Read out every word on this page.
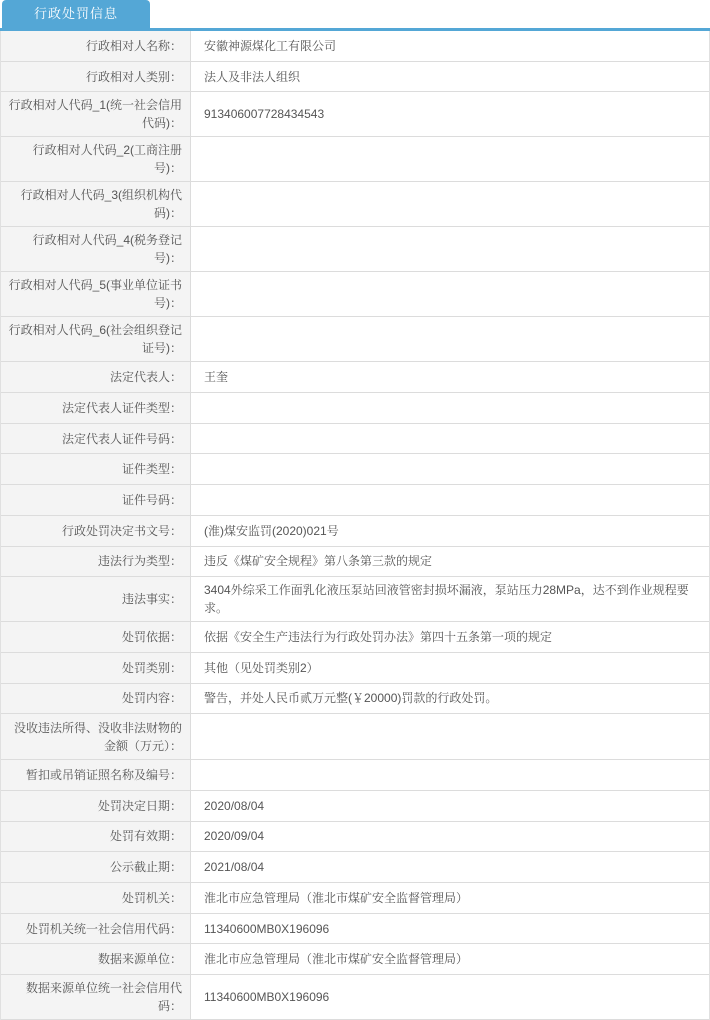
行政处罚信息
行政相对人名称：	安徽神源煤化工有限公司
行政相对人类别：	法人及非法人组织
行政相对人代码_1(统一社会信用代码)：
913406007728434543
行政相对人代码_2(工商注册号)：
行政相对人代码_3(组织机构代码)：
行政相对人代码_4(税务登记号)：
行政相对人代码_5(事业单位证书号)：
行政相对人代码_6(社会组织登记证号)：
法定代表人：	王奎
法定代表人证件类型：
法定代表人证件号码：
证件类型：
证件号码：
行政处罚决定书文号：	(淮)煤安监罚(2020)021号
违法行为类型：	违反《煤矿安全规程》第八条第三款的规定
违法事实：
3404外综采工作面乳化液压泵站回液管密封损坏漏液，泵站压力28MPa，达不到作业规程要求。
处罚依据：	依据《安全生产违法行为行政处罚办法》第四十五条第一项的规定
处罚类别：	其他（见处罚类别2）
处罚内容：	警告，并处人民币贰万元整(￥20000)罚款的行政处罚。
没收违法所得、没收非法财物的金额（万元）：
暂扣或吊销证照名称及编号：
处罚决定日期：	2020/08/04
处罚有效期：	2020/09/04
公示截止期：	2021/08/04
处罚机关：	淮北市应急管理局（淮北市煤矿安全监督管理局）
处罚机关统一社会信用代码：	11340600MB0X196096
数据来源单位：	淮北市应急管理局（淮北市煤矿安全监督管理局）
数据来源单位统一社会信用代码：
11340600MB0X196096
